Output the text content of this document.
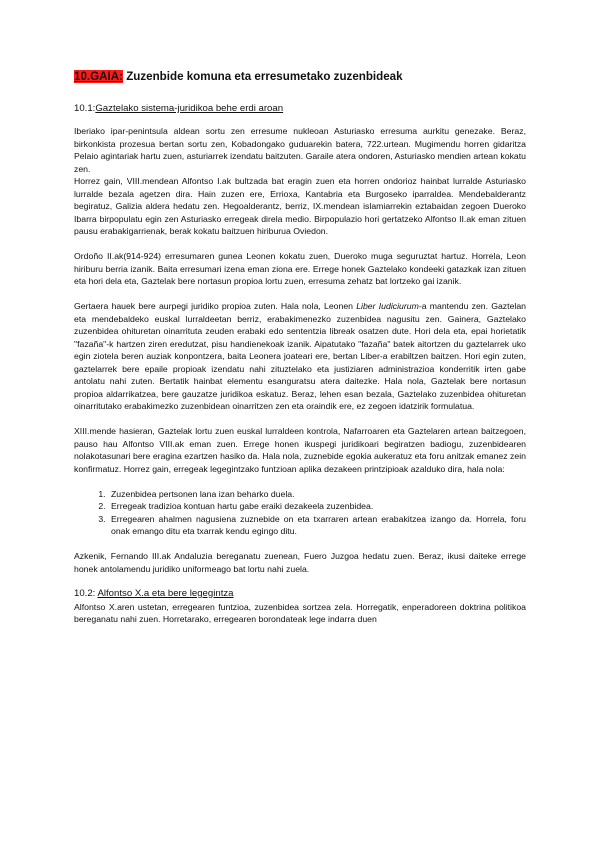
10.GAIA: Zuzenbide komuna eta erresumetako zuzenbideak
10.1:Gaztelako sistema-juridikoa behe erdi aroan

Iberiako ipar-penintsula aldean sortu zen erresume nukleoan Asturiasko erresuma aurkitu genezake. Beraz, birkonkista prozesua bertan sortu zen, Kobadongako guduarekin batera, 722.urtean. Mugimendu horren gidaritza Pelaio agintariak hartu zuen, asturiarrek izendatu baitzuten. Garaile atera ondoren, Asturiasko mendien artean kokatu zen.

Horrez gain, VIII.mendean Alfontso I.ak bultzada bat eragin zuen eta horren ondorioz hainbat lurralde Asturiasko lurralde bezala agetzen dira. Hain zuzen ere, Errioxa, Kantabria eta Burgoseko iparraldea. Mendebalderantz begiratuz, Galizia aldera hedatu zen. Hegoalderantz, berriz, IX.mendean islamiarrekin eztabaidan zegoen Dueroko Ibarra birpopulatu egin zen Asturiasko erregeak direla medio. Birpopulazio hori gertatzeko Alfontso II.ak eman zituen pausu erabakigarrienak, berak kokatu baitzuen hiriburua Oviedon.

Ordoño II.ak(914-924) erresumaren gunea Leonen kokatu zuen, Dueroko muga seguruztat hartuz. Horrela, Leon hiriburu berria izanik. Baita erresumari izena eman ziona ere. Errege honek Gaztelako kondeeki gatazkak izan zituen eta hori dela eta, Gaztelak bere nortasun propioa lortu zuen, erresuma zehatz bat lortzeko gai izanik.

Gertaera hauek bere aurpegi juridiko propioa zuten. Hala nola, Leonen Liber Iudiciurum-a mantendu zen. Gaztelan eta mendebaldeko euskal lurraldeetan berriz, erabakimenezko zuzenbidea nagusitu zen. Gainera, Gaztelako zuzenbidea ohituretan oinarrituta zeuden erabaki edo sententzia libreak osatzen dute. Hori dela eta, epai horietatik "fazaña"-k hartzen ziren eredutzat, pisu handienekoak izanik. Aipatutako "fazaña" batek aitortzen du gaztelarrek uko egin ziotela beren auziak konpontzera, baita Leonera joateari ere, bertan Liber-a erabiltzen baitzen. Hori egin zuten, gaztelarrek bere epaile propioak izendatu nahi zituztelako eta justiziaren administrazioa konderritik irten gabe antolatu nahi zuten. Bertatik hainbat elementu esanguratsu atera daitezke. Hala nola, Gaztelak bere nortasun propioa aldarrikatzea, bere gauzatze juridikoa eskatuz. Beraz, lehen esan bezala, Gaztelako zuzenbidea ohituretan oinarritutako erabakimezko zuzenbidean oinarritzen zen eta oraindik ere, ez zegoen idatzirik formulatua.

XIII.mende hasieran, Gaztelak lortu zuen euskal lurraldeen kontrola, Nafarroaren eta Gaztelaren artean baitzegoen, pauso hau Alfontso VIII.ak eman zuen. Errege honen ikuspegi juridikoari begiratzen badiogu, zuzenbidearen nolakotasunari bere eragina ezartzen hasiko da. Hala nola, zuznebide egokia aukeratuz eta foru anitzak emanez zein konfirmatuz. Horrez gain, erregeak legegintzako funtzioan aplika dezakeen printzipioak azalduko dira, hala nola:

1. Zuzenbidea pertsonen lana izan beharko duela.
2. Erregeak tradizioa kontuan hartu gabe eraiki dezakeela zuzenbidea.
3. Erregearen ahalmen nagusiena zuznebide on eta txarraren artean erabakitzea izango da. Horrela, foru onak emango ditu eta txarrak kendu egingo ditu.

Azkenik, Fernando III.ak Andaluzia bereganatu zuenean, Fuero Juzgoa hedatu zuen. Beraz, ikusi daiteke errege honek antolamendu juridiko uniformeago bat lortu nahi zuela.

10.2: Alfontso X.a eta bere legegintza

Alfontso X.aren ustetan, erregearen funtzioa, zuzenbidea sortzea zela. Horregatik, enperadoreen doktrina politikoa bereganatu nahi zuen. Horretarako, erregearen borondateak lege indarra duen
